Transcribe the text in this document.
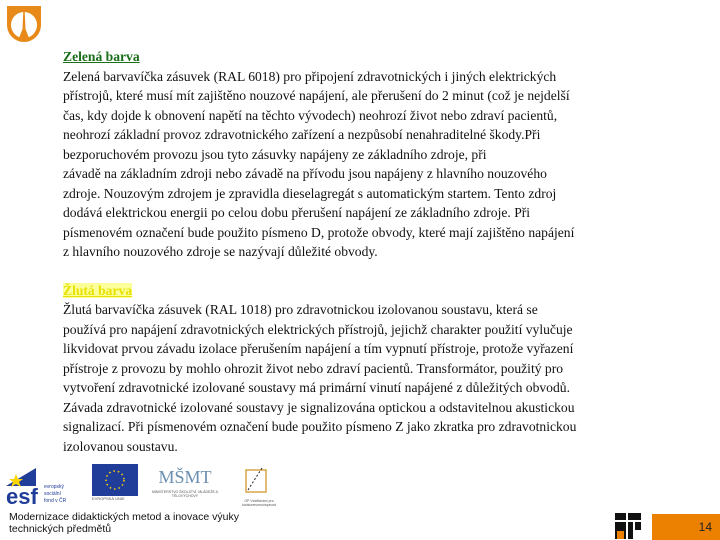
Zelená barva
Zelená barvavíčka zásuvek (RAL 6018) pro připojení zdravotnických i jiných elektrických
přístrojů, které musí mít zajištěno nouzové napájení, ale přerušení do 2 minut (což je nejdelší
čas, kdy dojde k obnovení napětí na těchto vývodech) neohrozí život nebo zdraví pacientů,
neohrozí základní provoz zdravotnického zařízení a nezpůsobí nenahraditelné škody.Při
bezporuchovém provozu jsou tyto zásuvky napájeny ze základního zdroje, při
závadě na základním zdroji nebo závadě na přívodu jsou napájeny z hlavního nouzového
zdroje. Nouzovým zdrojem je zpravidla dieselagregát s automatickým startem. Tento zdroj
dodává elektrickou energii po celou dobu přerušení napájení ze základního zdroje. Při
písmenovém označení bude použito písmeno D, protože obvody, které mají zajištěno napájení
z hlavního nouzového zdroje se nazývají důležité obvody.
Žlutá barva
Žlutá barvavíčka zásuvek (RAL 1018) pro zdravotnickou izolovanou soustavu, která se
používá pro napájení zdravotnických elektrických přístrojů, jejichž charakter použití vylučuje
likvidovat prvou závadu izolace přerušením napájení a tím vypnutí přístroje, protože vyřazení
přístroje z provozu by mohlo ohrozit život nebo zdraví pacientů. Transformátor, použitý pro
vytvoření zdravotnické izolované soustavy má primární vinutí napájené z důležitých obvodů.
Závada zdravotnické izolované soustavy je signalizována optickou a odstavitelnou akustickou
signalizací. Při písmenovém označení bude použito písmeno Z jako zkratka pro zdravotnickou
izolovanou soustavu.
esf evropský
sociální
fond v ČR	EVROPSKÁ UNIE
MŠMT
MINISTERSTVO ŠKOLSTVÍ, MLÁDEŽE A TĚLOVÝCHOVY
OP Vzdělávání pro konkurenceschopnost
Modernizace didaktických metod a inovace výuky
technických předmětů	14
